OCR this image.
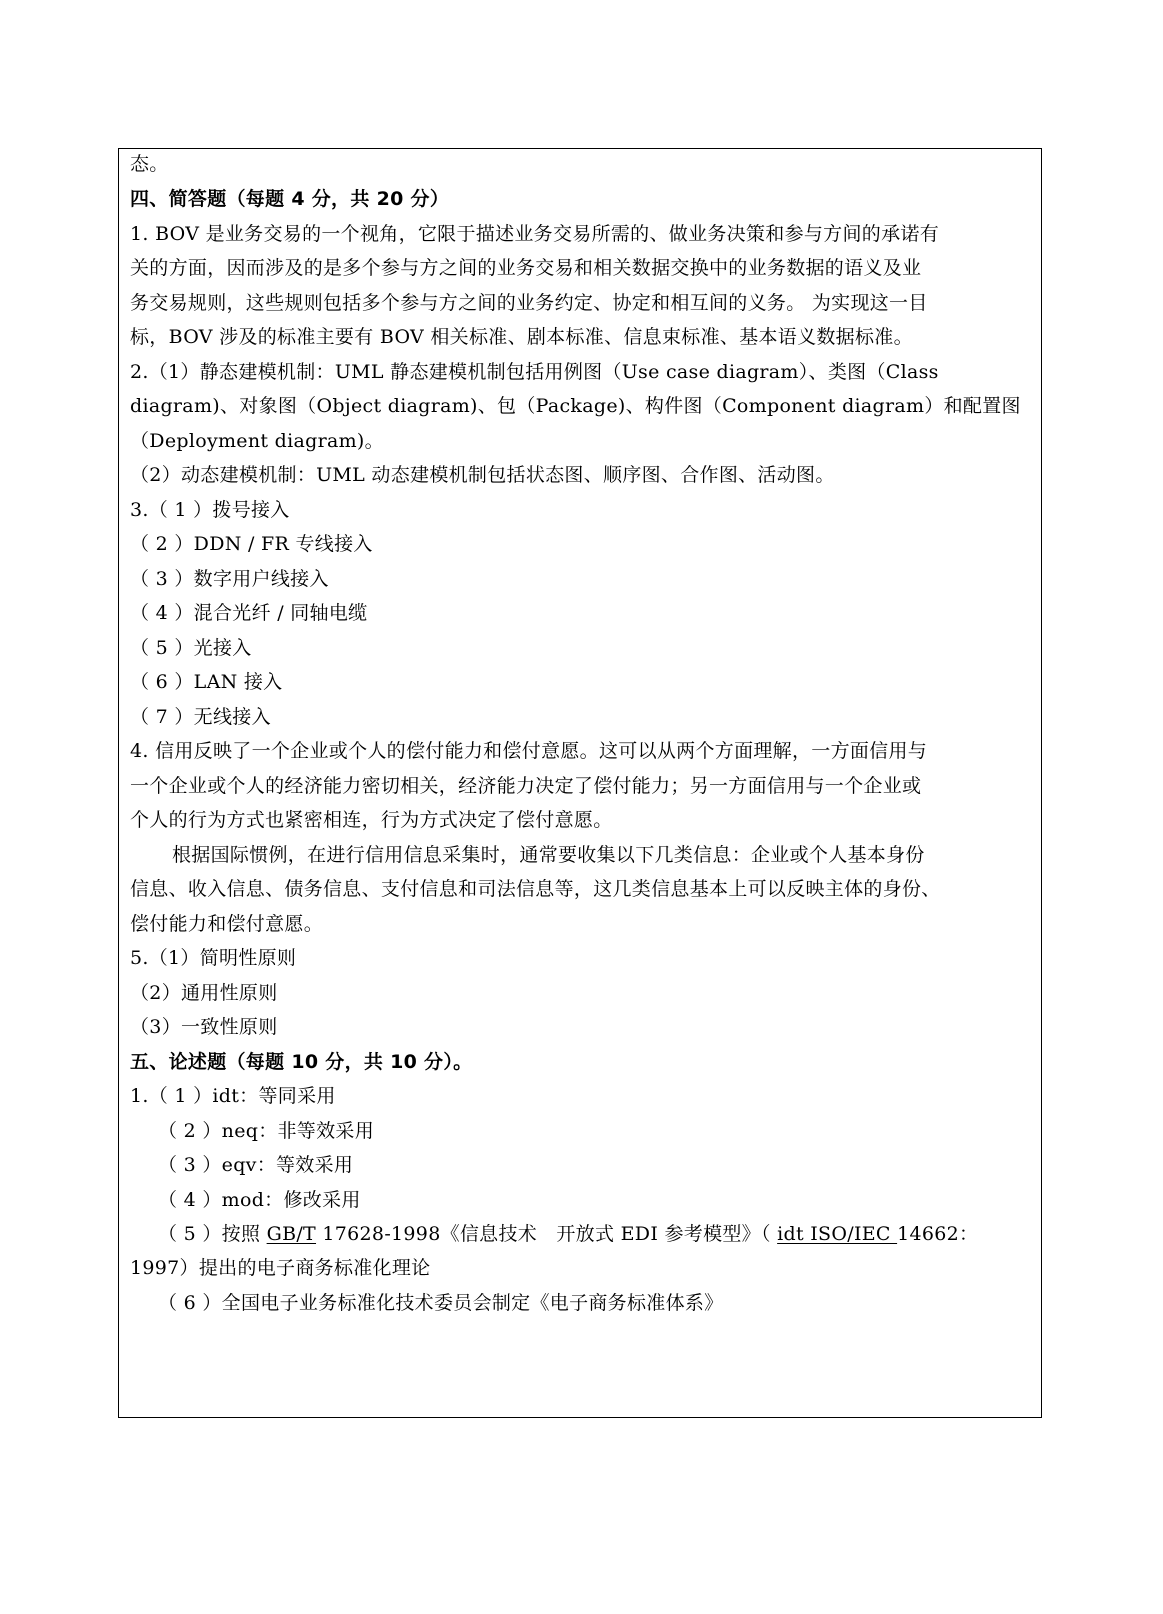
态。
四、简答题（每题 4 分，共 20 分）
1. BOV 是业务交易的一个视角，它限于描述业务交易所需的、做业务决策和参与方间的承诺有
关的方面，因而涉及的是多个参与方之间的业务交易和相关数据交换中的业务数据的语义及业
务交易规则，这些规则包括多个参与方之间的业务约定、协定和相互间的义务。 为实现这一目
标，BOV 涉及的标准主要有 BOV 相关标准、剧本标准、信息束标准、基本语义数据标准。
2.（1）静态建模机制：UML 静态建模机制包括用例图（Use case diagram）、类图（Class
diagram)、对象图（Object diagram)、包（Package)、构件图（Component diagram）和配置图
（Deployment diagram)。
（2）动态建模机制：UML 动态建模机制包括状态图、顺序图、合作图、活动图。
3.（ 1 ）拨号接入
（ 2 ）DDN / FR 专线接入
（ 3 ）数字用户线接入
（ 4 ）混合光纤 / 同轴电缆
（ 5 ）光接入
（ 6 ）LAN 接入
（ 7 ）无线接入
4. 信用反映了一个企业或个人的偿付能力和偿付意愿。这可以从两个方面理解，一方面信用与
一个企业或个人的经济能力密切相关，经济能力决定了偿付能力；另一方面信用与一个企业或
个人的行为方式也紧密相连，行为方式决定了偿付意愿。
根据国际惯例，在进行信用信息采集时，通常要收集以下几类信息：企业或个人基本身份
信息、收入信息、债务信息、支付信息和司法信息等，这几类信息基本上可以反映主体的身份、
偿付能力和偿付意愿。
5.（1）简明性原则
（2）通用性原则
（3）一致性原则
五、论述题（每题 10 分，共 10 分）。
1.（ 1 ）idt：等同采用
（ 2 ）neq：非等效采用
（ 3 ）eqv：等效采用
（ 4 ）mod：修改采用
（ 5 ）按照 GB/T 17628-1998《信息技术　开放式 EDI 参考模型》（ idt ISO/IEC 14662：
1997）提出的电子商务标准化理论
（ 6 ）全国电子业务标准化技术委员会制定《电子商务标准体系》
